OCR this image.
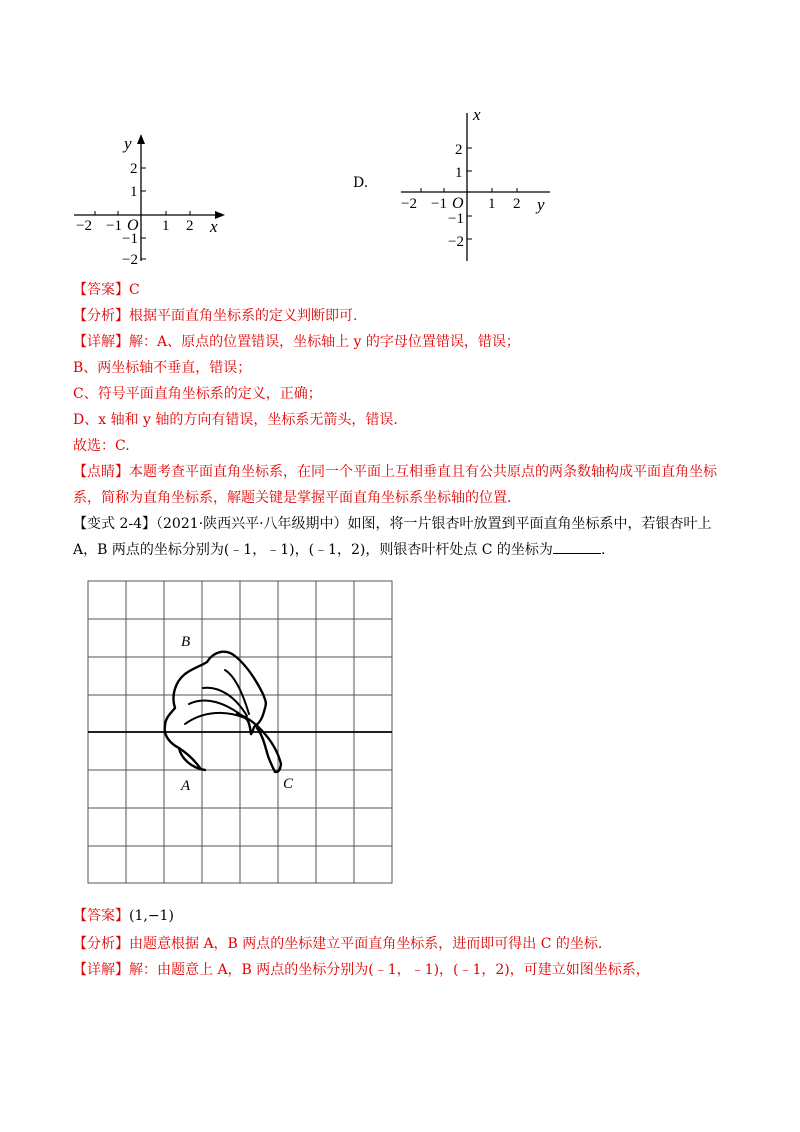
−2 −1	1 2
O
2
1
−1
−2
x
y
D.
−2 −1	1 2
O
2
1
−1
−2
x
y
【答案】C
【分析】根据平面直角坐标系的定义判断即可.
【详解】解：A、原点的位置错误，坐标轴上 y 的字母位置错误，错误；
B、两坐标轴不垂直，错误；
C、符号平面直角坐标系的定义，正确；
D、x 轴和 y 轴的方向有错误，坐标系无箭头，错误.
故选：C.
【点睛】本题考查平面直角坐标系，在同一个平面上互相垂直且有公共原点的两条数轴构成平面直角坐标
系，简称为直角坐标系，解题关键是掌握平面直角坐标系坐标轴的位置.
【变式 2-4】（2021·陕西兴平·八年级期中）如图，将一片银杏叶放置到平面直角坐标系中，若银杏叶上
A，B 两点的坐标分别为(﹣1，﹣1)，(﹣1，2)，则银杏叶杆处点 C 的坐标为	.
B
A	C
【答案】(1,−1)
【分析】由题意根据 A，B 两点的坐标建立平面直角坐标系，进而即可得出 C 的坐标.
【详解】解：由题意上 A，B 两点的坐标分别为(﹣1，﹣1)，(﹣1，2)，可建立如图坐标系，
